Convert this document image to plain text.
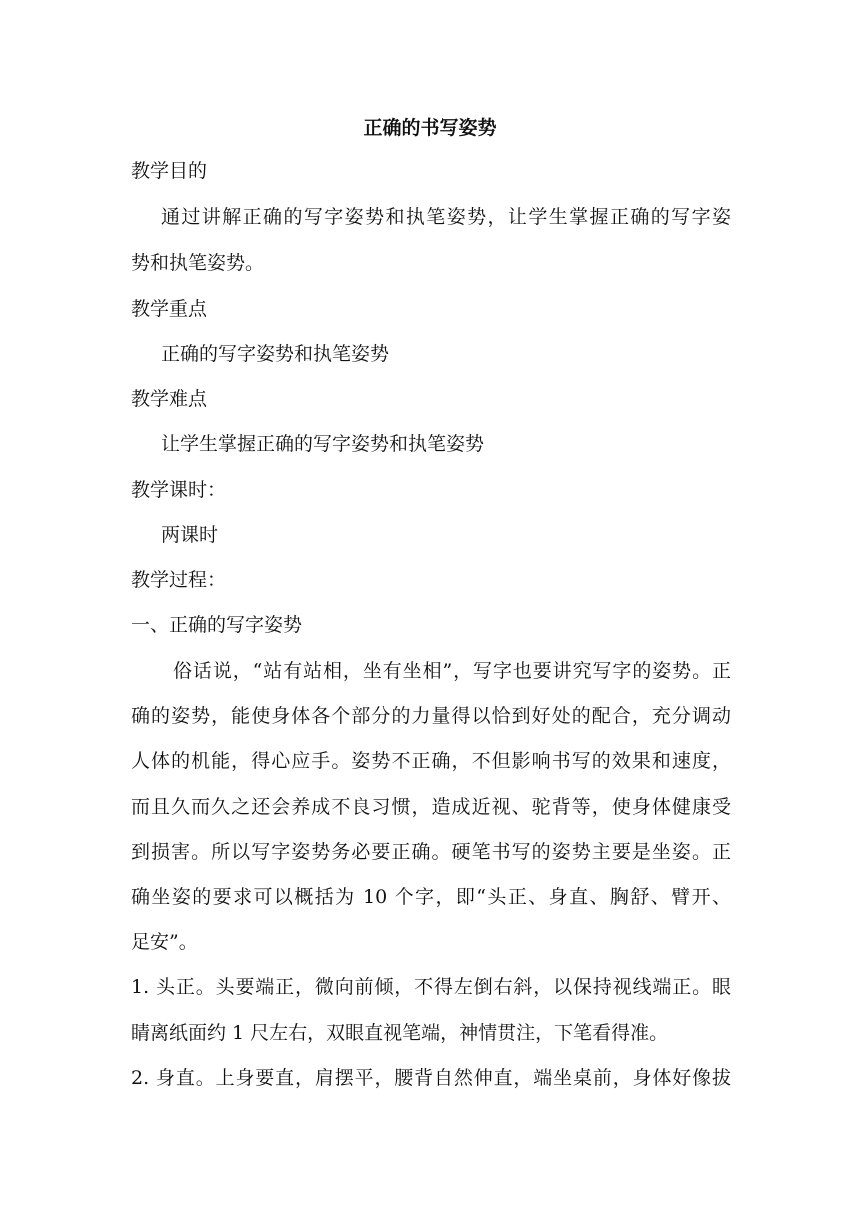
正确的书写姿势

教学目的

通过讲解正确的写字姿势和执笔姿势，让学生掌握正确的写字姿

势和执笔姿势。

教学重点

正确的写字姿势和执笔姿势

教学难点

让学生掌握正确的写字姿势和执笔姿势

教学课时：

两课时

教学过程：

一、正确的写字姿势

俗话说，“站有站相，坐有坐相”，写字也要讲究写字的姿势。正

确的姿势，能使身体各个部分的力量得以恰到好处的配合，充分调动

人体的机能，得心应手。姿势不正确，不但影响书写的效果和速度，

而且久而久之还会养成不良习惯，造成近视、驼背等，使身体健康受

到损害。所以写字姿势务必要正确。硬笔书写的姿势主要是坐姿。正

确坐姿的要求可以概括为 10 个字，即“头正、身直、胸舒、臂开、

足安”。

1. 头正。头要端正，微向前倾，不得左倒右斜，以保持视线端正。眼

睛离纸面约 1 尺左右，双眼直视笔端，神情贯注，下笔看得准。

2. 身直。上身要直，肩摆平，腰背自然伸直，端坐桌前，身体好像拔
